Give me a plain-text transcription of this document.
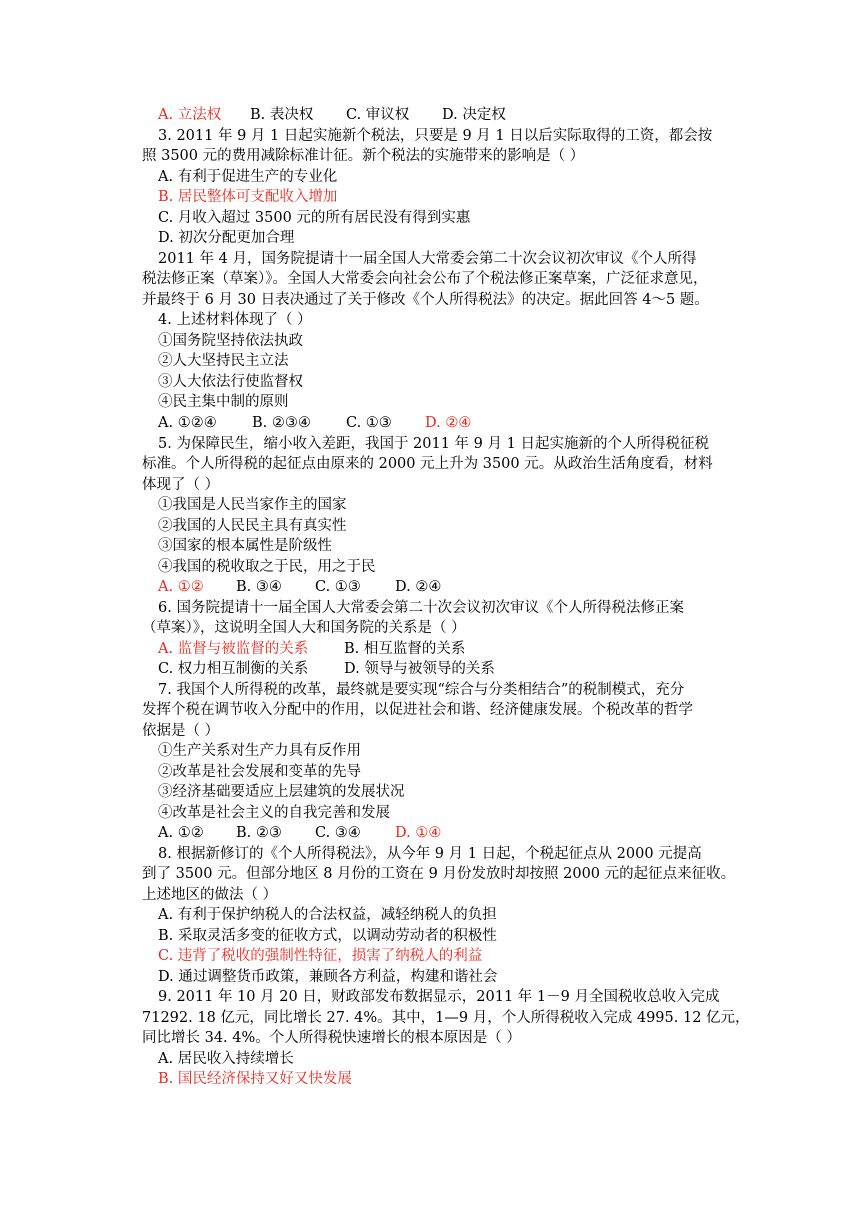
A. 立法权 B. 表决权 C. 审议权 D. 决定权
3. 2011 年 9 月 1 日起实施新个税法，只要是 9 月 1 日以后实际取得的工资，都会按
照 3500 元的费用减除标准计征。新个税法的实施带来的影响是（ ）
A. 有利于促进生产的专业化
B. 居民整体可支配收入增加
C. 月收入超过 3500 元的所有居民没有得到实惠
D. 初次分配更加合理
2011 年 4 月，国务院提请十一届全国人大常委会第二十次会议初次审议《个人所得
税法修正案（草案）》。全国人大常委会向社会公布了个税法修正案草案，广泛征求意见，
并最终于 6 月 30 日表决通过了关于修改《个人所得税法》的决定。据此回答 4～5 题。
4. 上述材料体现了（ ）
①国务院坚持依法执政
②人大坚持民主立法
③人大依法行使监督权
④民主集中制的原则
A. ①②④ B. ②③④ C. ①③ D. ②④
5. 为保障民生，缩小收入差距，我国于 2011 年 9 月 1 日起实施新的个人所得税征税
标准。个人所得税的起征点由原来的 2000 元上升为 3500 元。从政治生活角度看，材料
体现了（ ）
①我国是人民当家作主的国家
②我国的人民民主具有真实性
③国家的根本属性是阶级性
④我国的税收取之于民，用之于民
A. ①② B. ③④ C. ①③ D. ②④
6. 国务院提请十一届全国人大常委会第二十次会议初次审议《个人所得税法修正案
（草案）》，这说明全国人大和国务院的关系是（ ）
A. 监督与被监督的关系 B. 相互监督的关系
C. 权力相互制衡的关系 D. 领导与被领导的关系
7. 我国个人所得税的改革，最终就是要实现“综合与分类相结合”的税制模式，充分
发挥个税在调节收入分配中的作用，以促进社会和谐、经济健康发展。个税改革的哲学
依据是（ ）
①生产关系对生产力具有反作用
②改革是社会发展和变革的先导
③经济基础要适应上层建筑的发展状况
④改革是社会主义的自我完善和发展
A. ①② B. ②③ C. ③④ D. ①④
8. 根据新修订的《个人所得税法》，从今年 9 月 1 日起，个税起征点从 2000 元提高
到了 3500 元。但部分地区 8 月份的工资在 9 月份发放时却按照 2000 元的起征点来征收。
上述地区的做法（ ）
A. 有利于保护纳税人的合法权益，减轻纳税人的负担
B. 采取灵活多变的征收方式，以调动劳动者的积极性
C. 违背了税收的强制性特征，损害了纳税人的利益
D. 通过调整货币政策，兼顾各方利益，构建和谐社会
9. 2011 年 10 月 20 日，财政部发布数据显示，2011 年 1－9 月全国税收总收入完成
71292. 18 亿元，同比增长 27. 4%。其中，1—9 月，个人所得税收入完成 4995. 12 亿元，
同比增长 34. 4%。个人所得税快速增长的根本原因是（ ）
A. 居民收入持续增长
B. 国民经济保持又好又快发展
